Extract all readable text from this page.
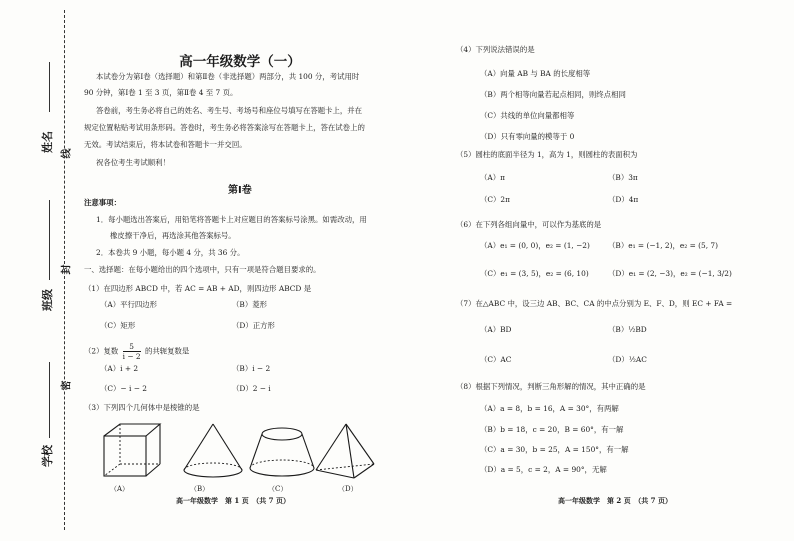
姓名
班级
学校
线
封
密
高一年级数学（一）
本试卷分为第Ⅰ卷（选择题）和第Ⅱ卷（非选择题）两部分，共 100 分，考试用时
90 分钟，第Ⅰ卷 1 至 3 页，第Ⅱ卷 4 至 7 页。
答卷前，考生务必将自己的姓名、考生号、考场号和座位号填写在答题卡上，并在
规定位置粘贴考试用条形码。答卷时，考生务必将答案涂写在答题卡上，答在试卷上的
无效。考试结束后，将本试卷和答题卡一并交回。
祝各位考生考试顺利！
第Ⅰ卷
注意事项：
1．每小题选出答案后，用铅笔将答题卡上对应题目的答案标号涂黑。如需改动，用
橡皮擦干净后，再选涂其他答案标号。
2．本卷共 9 小题，每小题 4 分，共 36 分。
一、选择题：在每小题给出的四个选项中，只有一项是符合题目要求的。
（1）在四边形 ABCD 中，若 AC = AB + AD，则四边形 ABCD 是
（A）平行四边形	（B）菱形
（C）矩形	（D）正方形
（2）复数 $\frac{5}{i - 2}$ 的共轭复数是
（A）i + 2	（B）i − 2
（C）− i − 2	（D）2 − i
（3）下列四个几何体中是棱锥的是
（A）	（B）	（C）	（D）
高一年级数学　第 1 页　（共 7 页）
（4）下列说法错误的是
（A）向量 AB 与 BA 的长度相等
（B）两个相等向量若起点相同，则终点相同
（C）共线的单位向量都相等
（D）只有零向量的模等于 0
（5）圆柱的底面半径为 1，高为 1，则圆柱的表面积为
（A）π	（B）3π
（C）2π	（D）4π
（6）在下列各组向量中，可以作为基底的是
（A）e₁ = (0, 0)，e₂ = (1, −2) （B）e₁ = (−1, 2)，e₂ = (5, 7)
（C）e₁ = (3, 5)，e₂ = (6, 10)	（D）e₁ = (2, −3)，e₂ = (−1, 3/2)
（7）在△ABC 中，设三边 AB、BC、CA 的中点分别为 E、F、D，则 EC + FA =
（A）BD	（B）½BD
（C）AC	（D）½AC
（8）根据下列情况，判断三角形解的情况，其中正确的是
（A）a = 8，b = 16，A = 30°，有两解
（B）b = 18，c = 20，B = 60°，有一解
（C）a = 30，b = 25，A = 150°，有一解
（D）a = 5，c = 2，A = 90°，无解
高一年级数学　第 2 页　（共 7 页）
